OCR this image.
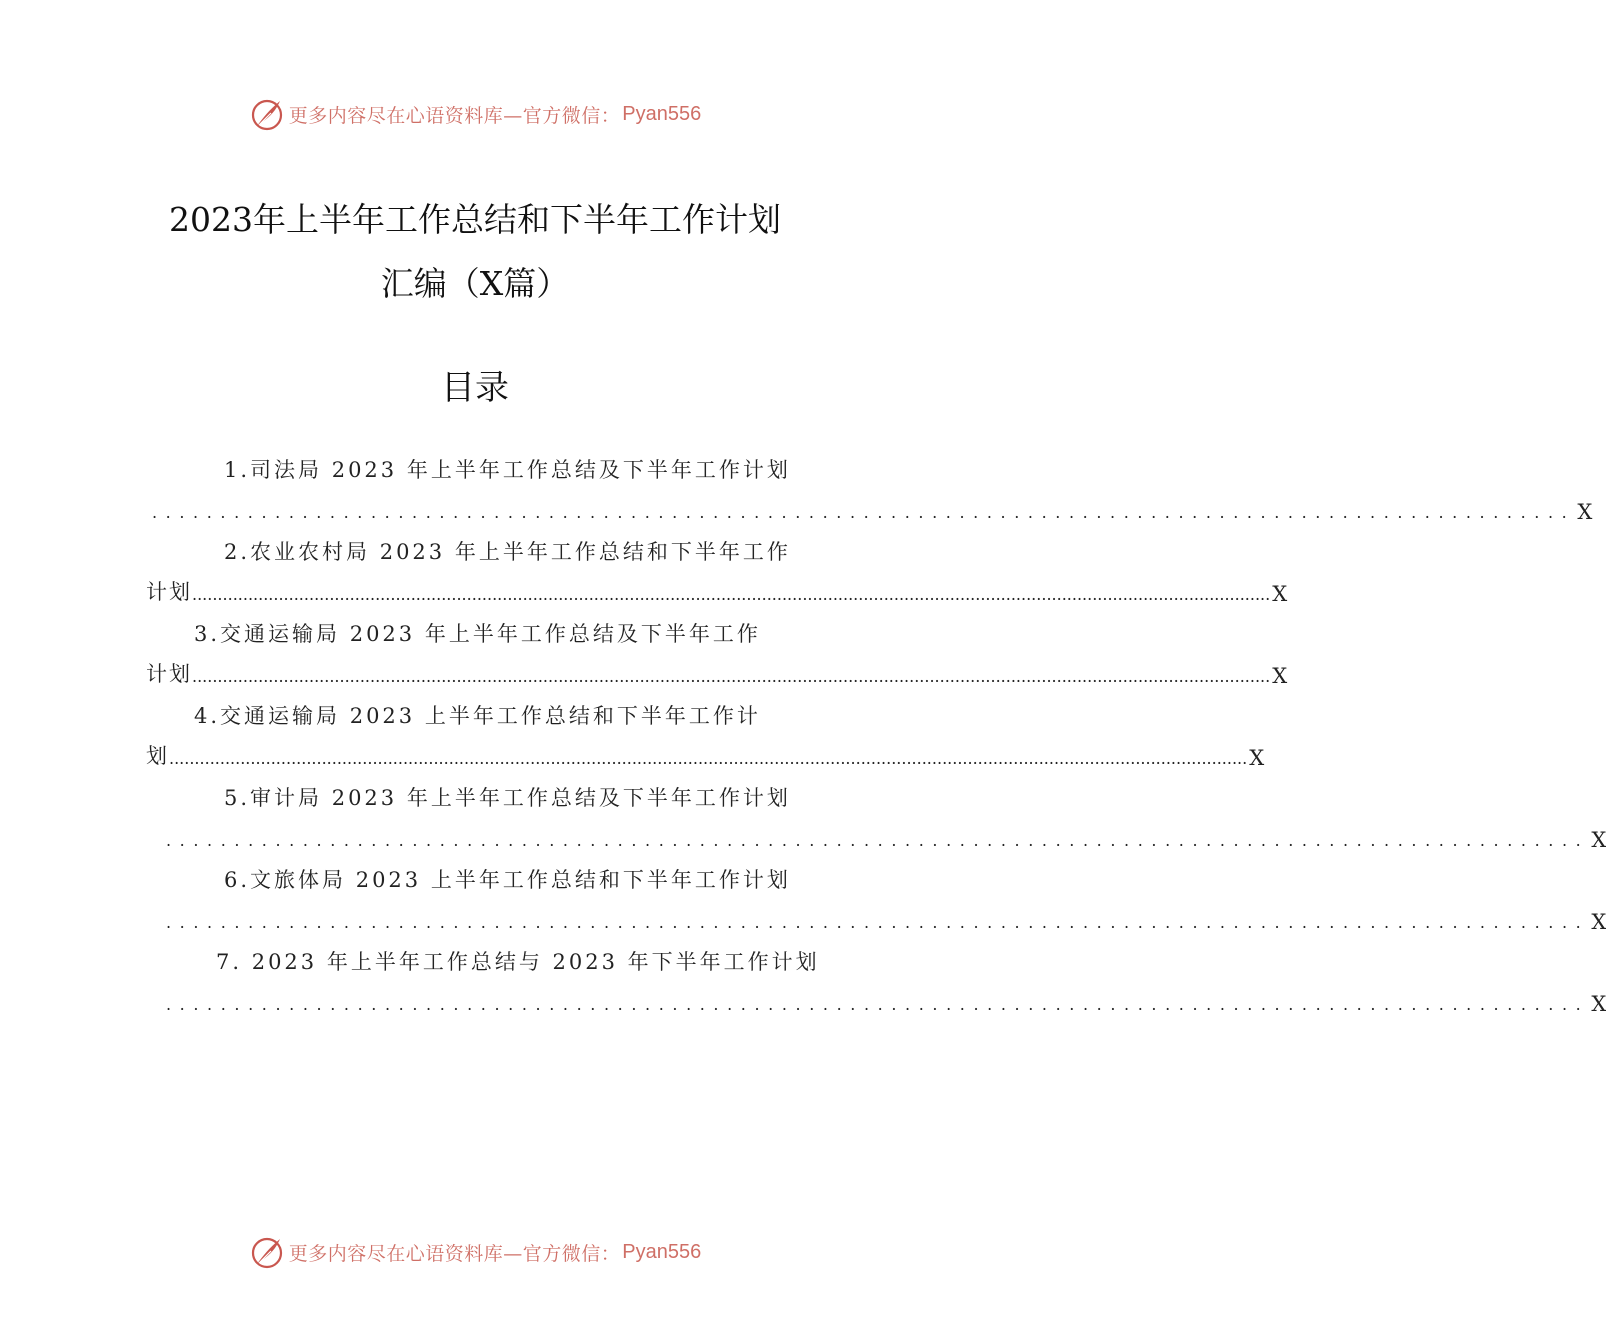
更多内容尽在心语资料库—官方微信： Pyan556
2023年上半年工作总结和下半年工作计划
汇编（X篇）
目录
1.司法局 2023 年上半年工作总结及下半年工作计划
........................................................................................................ X
2.农业农村局 2023 年上半年工作总结和下半年工作
计划 .................................................................................................................................................................................................................... X
3.交通运输局 2023 年上半年工作总结及下半年工作
计划 .................................................................................................................................................................................................................... X
4.交通运输局 2023 上半年工作总结和下半年工作计
划 .................................................................................................................................................................................................................... X
5.审计局 2023 年上半年工作总结及下半年工作计划
........................................................................................................ X
6.文旅体局 2023 上半年工作总结和下半年工作计划
........................................................................................................ X
7. 2023 年上半年工作总结与 2023 年下半年工作计划
........................................................................................................ X
更多内容尽在心语资料库—官方微信： Pyan556
